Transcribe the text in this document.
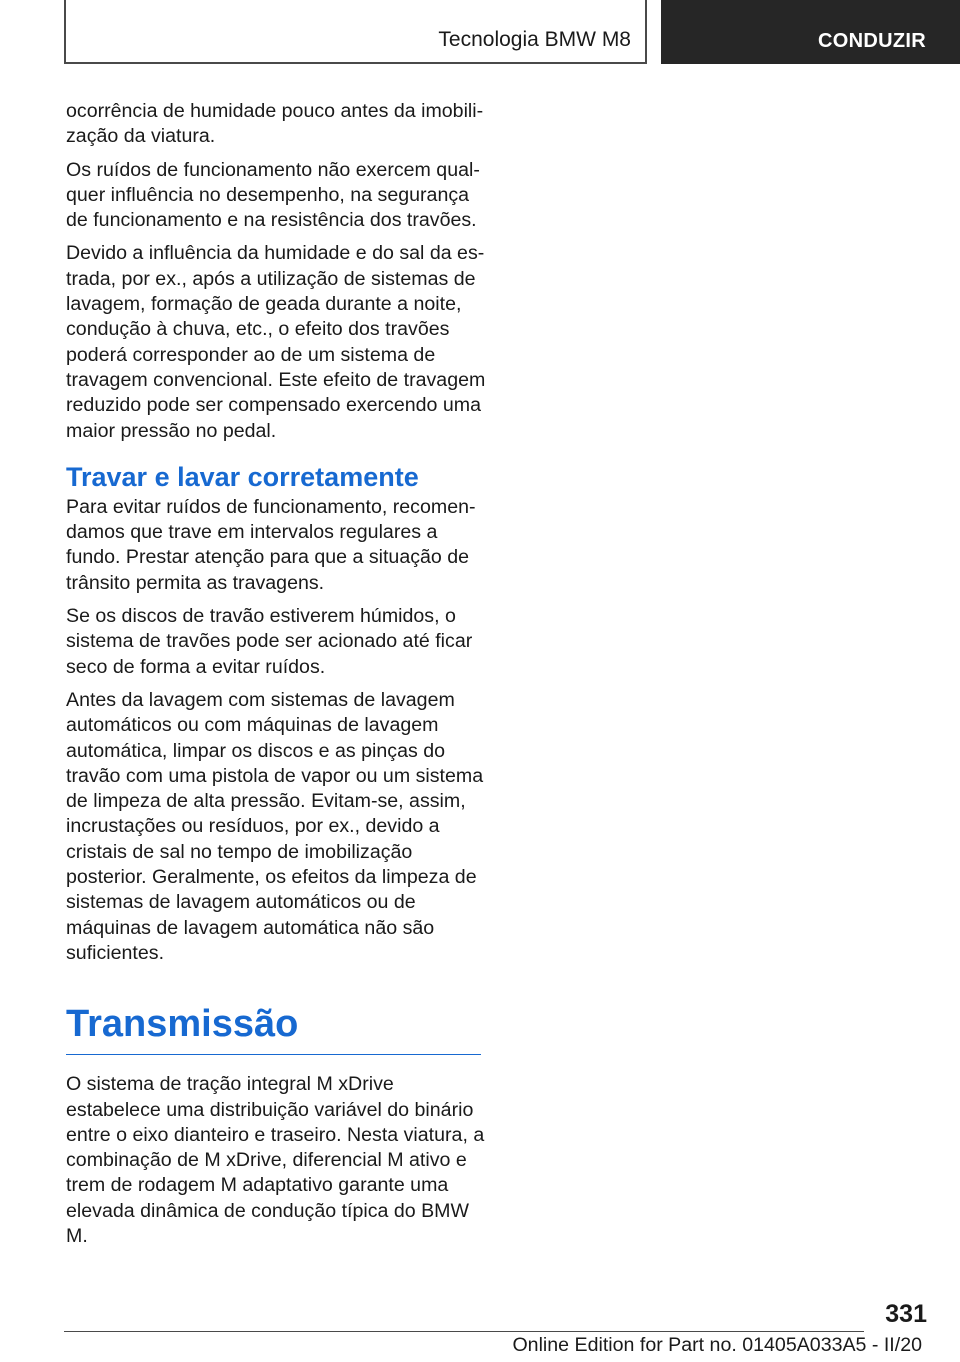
Tecnologia BMW M8	CONDUZIR

ocorrência de humidade pouco antes da imobilização da viatura.

Os ruídos de funcionamento não exercem qualquer influência no desempenho, na segurança de funcionamento e na resistência dos travões.

Devido a influência da humidade e do sal da estrada, por ex., após a utilização de sistemas de lavagem, formação de geada durante a noite, condução à chuva, etc., o efeito dos travões poderá corresponder ao de um sistema de travagem convencional. Este efeito de travagem reduzido pode ser compensado exercendo uma maior pressão no pedal.

Travar e lavar corretamente

Para evitar ruídos de funcionamento, recomendamos que trave em intervalos regulares a fundo. Prestar atenção para que a situação de trânsito permita as travagens.

Se os discos de travão estiverem húmidos, o sistema de travões pode ser acionado até ficar seco de forma a evitar ruídos.

Antes da lavagem com sistemas de lavagem automáticos ou com máquinas de lavagem automática, limpar os discos e as pinças do travão com uma pistola de vapor ou um sistema de limpeza de alta pressão. Evitam-se, assim, incrustações ou resíduos, por ex., devido a cristais de sal no tempo de imobilização posterior. Geralmente, os efeitos da limpeza de sistemas de lavagem automáticos ou de máquinas de lavagem automática não são suficientes.

Transmissão

O sistema de tração integral M xDrive estabelece uma distribuição variável do binário entre o eixo dianteiro e traseiro. Nesta viatura, a combinação de M xDrive, diferencial M ativo e trem de rodagem M adaptativo garante uma elevada dinâmica de condução típica do BMW M.

331
Online Edition for Part no. 01405A033A5 - II/20
